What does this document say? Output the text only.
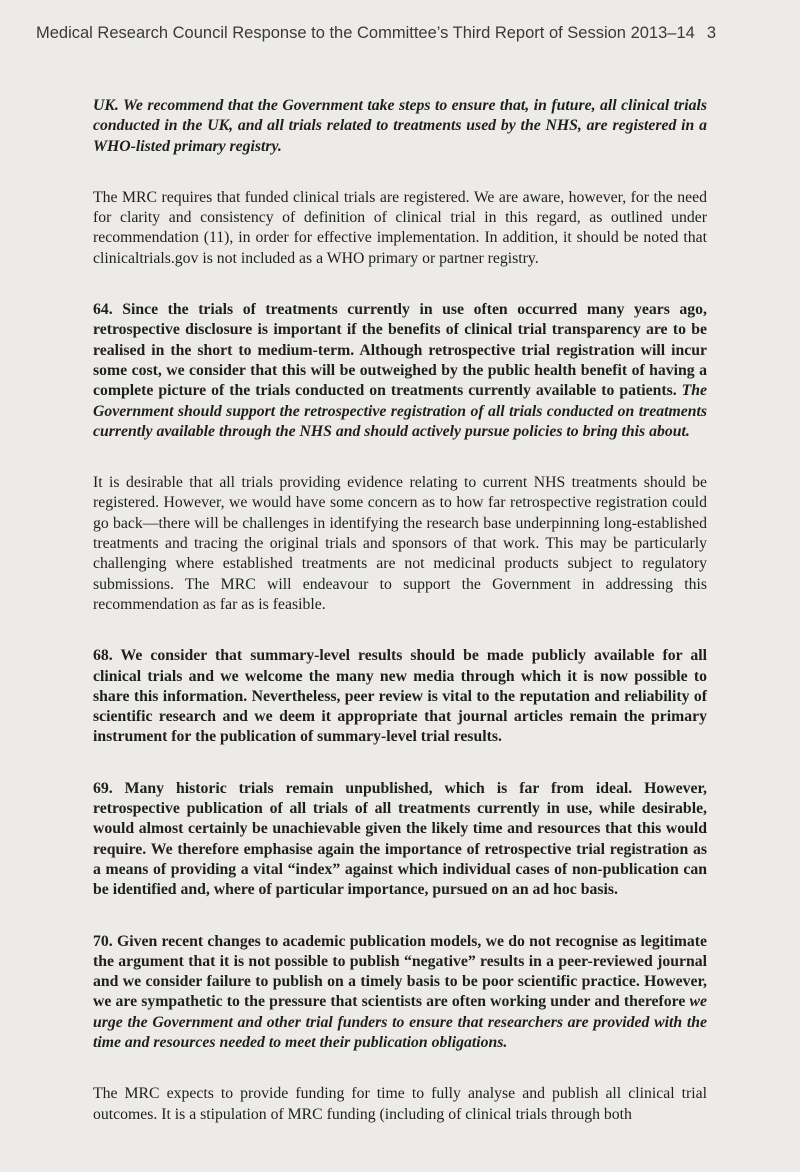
Medical Research Council Response to the Committee’s Third Report of Session 2013–14 3

UK. We recommend that the Government take steps to ensure that, in future, all clinical trials conducted in the UK, and all trials related to treatments used by the NHS, are registered in a WHO-listed primary registry.

The MRC requires that funded clinical trials are registered. We are aware, however, for the need for clarity and consistency of definition of clinical trial in this regard, as outlined under recommendation (11), in order for effective implementation. In addition, it should be noted that clinicaltrials.gov is not included as a WHO primary or partner registry.

64. Since the trials of treatments currently in use often occurred many years ago, retrospective disclosure is important if the benefits of clinical trial transparency are to be realised in the short to medium-term. Although retrospective trial registration will incur some cost, we consider that this will be outweighed by the public health benefit of having a complete picture of the trials conducted on treatments currently available to patients. The Government should support the retrospective registration of all trials conducted on treatments currently available through the NHS and should actively pursue policies to bring this about.

It is desirable that all trials providing evidence relating to current NHS treatments should be registered. However, we would have some concern as to how far retrospective registration could go back—there will be challenges in identifying the research base underpinning long-established treatments and tracing the original trials and sponsors of that work. This may be particularly challenging where established treatments are not medicinal products subject to regulatory submissions. The MRC will endeavour to support the Government in addressing this recommendation as far as is feasible.

68. We consider that summary-level results should be made publicly available for all clinical trials and we welcome the many new media through which it is now possible to share this information. Nevertheless, peer review is vital to the reputation and reliability of scientific research and we deem it appropriate that journal articles remain the primary instrument for the publication of summary-level trial results.

69. Many historic trials remain unpublished, which is far from ideal. However, retrospective publication of all trials of all treatments currently in use, while desirable, would almost certainly be unachievable given the likely time and resources that this would require. We therefore emphasise again the importance of retrospective trial registration as a means of providing a vital “index” against which individual cases of non-publication can be identified and, where of particular importance, pursued on an ad hoc basis.

70. Given recent changes to academic publication models, we do not recognise as legitimate the argument that it is not possible to publish “negative” results in a peer-reviewed journal and we consider failure to publish on a timely basis to be poor scientific practice. However, we are sympathetic to the pressure that scientists are often working under and therefore we urge the Government and other trial funders to ensure that researchers are provided with the time and resources needed to meet their publication obligations.

The MRC expects to provide funding for time to fully analyse and publish all clinical trial outcomes. It is a stipulation of MRC funding (including of clinical trials through both
